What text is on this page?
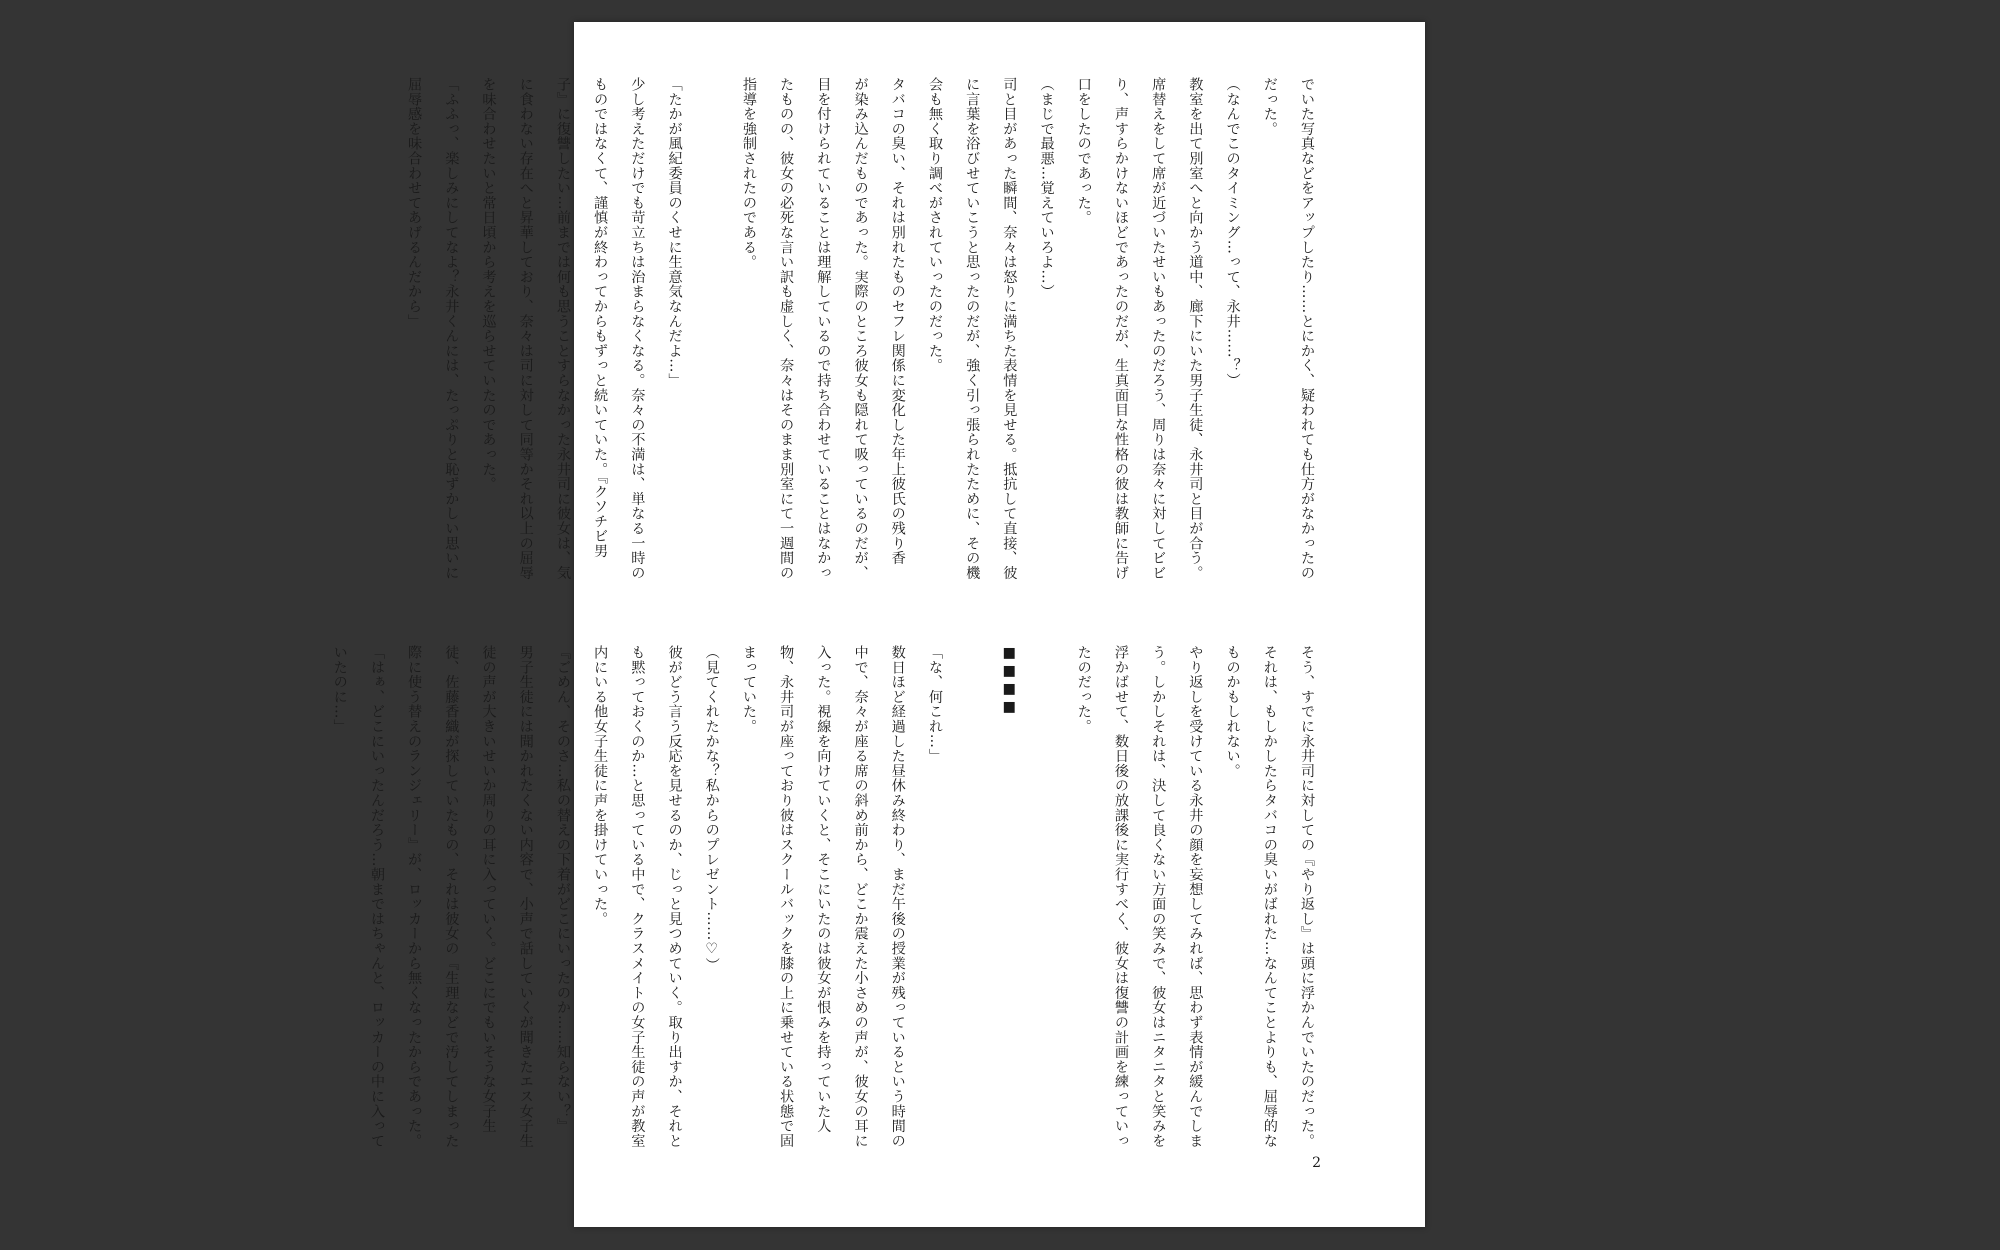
でいた写真などをアップしたり……とにかく、疑われても仕方がなかったの

だった。

（なんでこのタイミング…って、永井……？）

教室を出て別室へと向かう道中、廊下にいた男子生徒、永井司と目が合う。

席替えをして席が近づいたせいもあったのだろう、周りは奈々に対してビビ

り、声すらかけないほどであったのだが、生真面目な性格の彼は教師に告げ

口をしたのであった。

（まじで最悪…覚えていろよ…）

司と目があった瞬間、奈々は怒りに満ちた表情を見せる。抵抗して直接、彼

に言葉を浴びせていこうと思ったのだが、強く引っ張られたために、その機

会も無く取り調べがされていったのだった。

タバコの臭い、それは別れたものセフレ関係に変化した年上彼氏の残り香

が染み込んだものであった。実際のところ彼女も隠れて吸っているのだが、

目を付けられていることは理解しているので持ち合わせていることはなかっ

たものの、彼女の必死な言い訳も虚しく、奈々はそのまま別室にて一週間の

指導を強制されたのである。

「たかが風紀委員のくせに生意気なんだよ…」

少し考えただけでも苛立ちは治まらなくなる。奈々の不満は、単なる一時の

ものではなくて、謹慎が終わってからもずっと続いていた。『クソチビ男

子』に復讐したい…前までは何も思うことすらなかった永井司に彼女は、気

に食わない存在へと昇華しており、奈々は司に対して同等かそれ以上の屈辱

を味合わせたいと常日頃から考えを巡らせていたのであった。

「ふふっ、楽しみにしてなよ？永井くんには、たっぷりと恥ずかしい思いに

屈辱感を味合わせてあげるんだから」

そう、すでに永井司に対しての『やり返し』は頭に浮かんでいたのだった。

それは、もしかしたらタバコの臭いがばれた…なんてことよりも、屈辱的な

ものかもしれない。

やり返しを受けている永井の顔を妄想してみれば、思わず表情が緩んでしま

う。しかしそれは、決して良くない方面の笑みで、彼女はニタニタと笑みを

浮かばせて、数日後の放課後に実行すべく、彼女は復讐の計画を練っていっ

たのだった。

■■■■

「な、何これ…」

数日ほど経過した昼休み終わり、まだ午後の授業が残っているという時間の

中で、奈々が座る席の斜め前から、どこか震えた小さめの声が、彼女の耳に

入った。視線を向けていくと、そこにいたのは彼女が恨みを持っていた人

物、永井司が座っており彼はスクールバックを膝の上に乗せている状態で固

まっていた。

（見てくれたかな？私からのプレゼント……♡）

彼がどう言う反応を見せるのか、じっと見つめていく。取り出すか、それと

も黙っておくのか…と思っている中で、クラスメイトの女子生徒の声が教室

内にいる他女子生徒に声を掛けていった。

『ごめん、そのさ…私の替えの下着がどこにいったのか……知らない？』

男子生徒には聞かれたくない内容で、小声で話していくが聞きたエス女子生

徒の声が大きいせいか周りの耳に入っていく。どこにでもいそうな女子生

徒、佐藤香織が探していたもの、それは彼女の『生理などで汚してしまった

際に使う替えのランジェリー』が、ロッカーから無くなったからであった。

「はぁ、どこにいったんだろう…朝まではちゃんと、ロッカーの中に入って

いたのに…」

2
